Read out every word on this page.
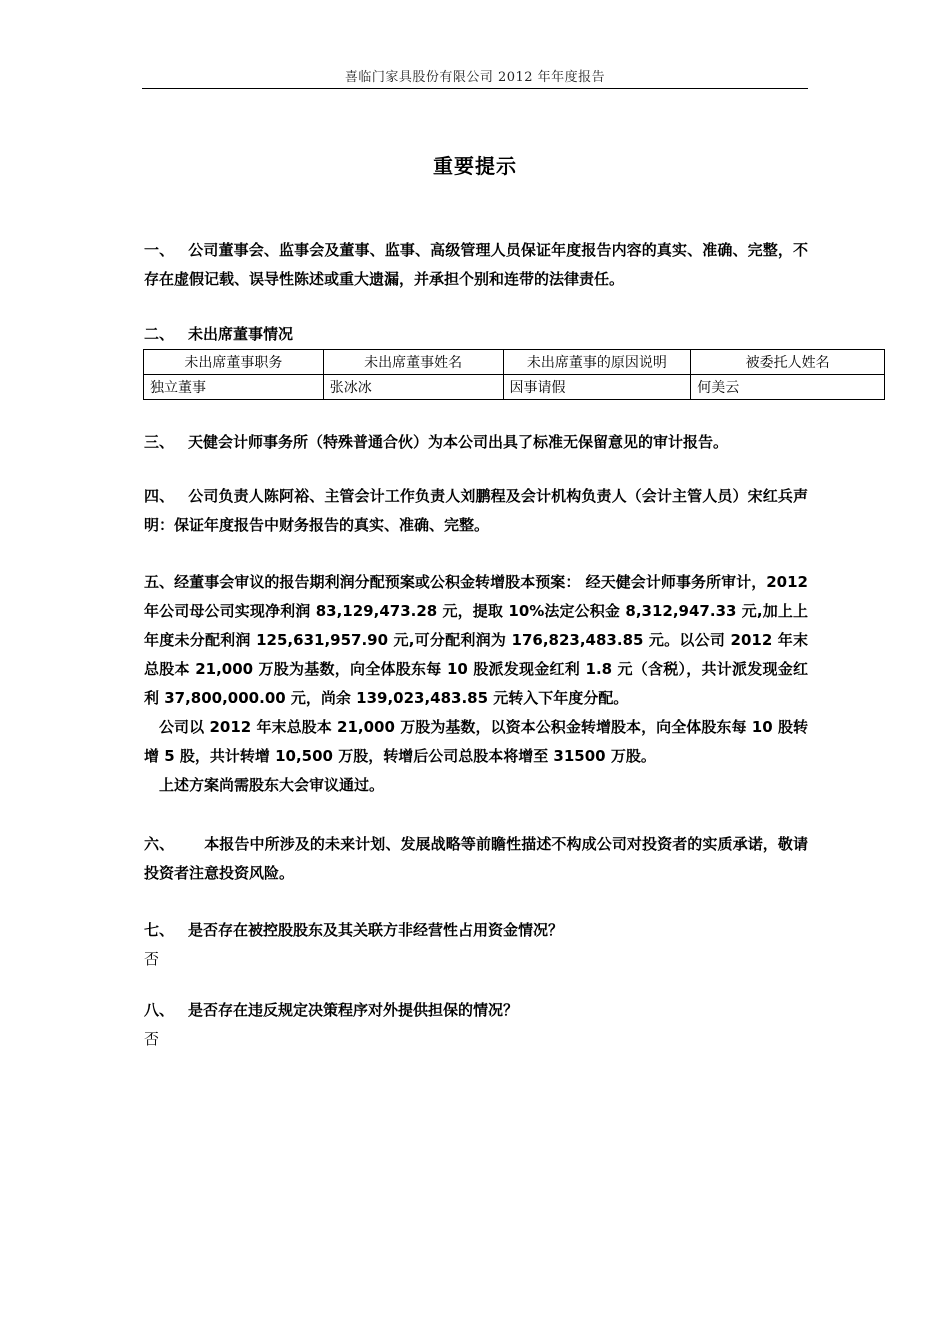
喜临门家具股份有限公司 2012 年年度报告
重要提示
一、 公司董事会、监事会及董事、监事、高级管理人员保证年度报告内容的真实、准确、完整，不存在虚假记载、误导性陈述或重大遗漏，并承担个别和连带的法律责任。
二、 未出席董事情况
未出席董事职务	未出席董事姓名	未出席董事的原因说明	被委托人姓名
独立董事	张冰冰	因事请假	何美云
三、 天健会计师事务所（特殊普通合伙）为本公司出具了标准无保留意见的审计报告。
四、 公司负责人陈阿裕、主管会计工作负责人刘鹏程及会计机构负责人（会计主管人员）宋红兵声明：保证年度报告中财务报告的真实、准确、完整。
五、经董事会审议的报告期利润分配预案或公积金转增股本预案： 经天健会计师事务所审计，2012 年公司母公司实现净利润 83,129,473.28 元，提取 10%法定公积金 8,312,947.33 元,加上上年度未分配利润 125,631,957.90 元,可分配利润为 176,823,483.85 元。以公司 2012 年末总股本 21,000 万股为基数，向全体股东每 10 股派发现金红利 1.8 元（含税），共计派发现金红利 37,800,000.00 元，尚余 139,023,483.85 元转入下年度分配。
公司以 2012 年末总股本 21,000 万股为基数，以资本公积金转增股本，向全体股东每 10 股转增 5 股，共计转增 10,500 万股，转增后公司总股本将增至 31500 万股。
上述方案尚需股东大会审议通过。
六、 本报告中所涉及的未来计划、发展战略等前瞻性描述不构成公司对投资者的实质承诺，敬请投资者注意投资风险。
七、 是否存在被控股股东及其关联方非经营性占用资金情况？
否
八、 是否存在违反规定决策程序对外提供担保的情况？
否
